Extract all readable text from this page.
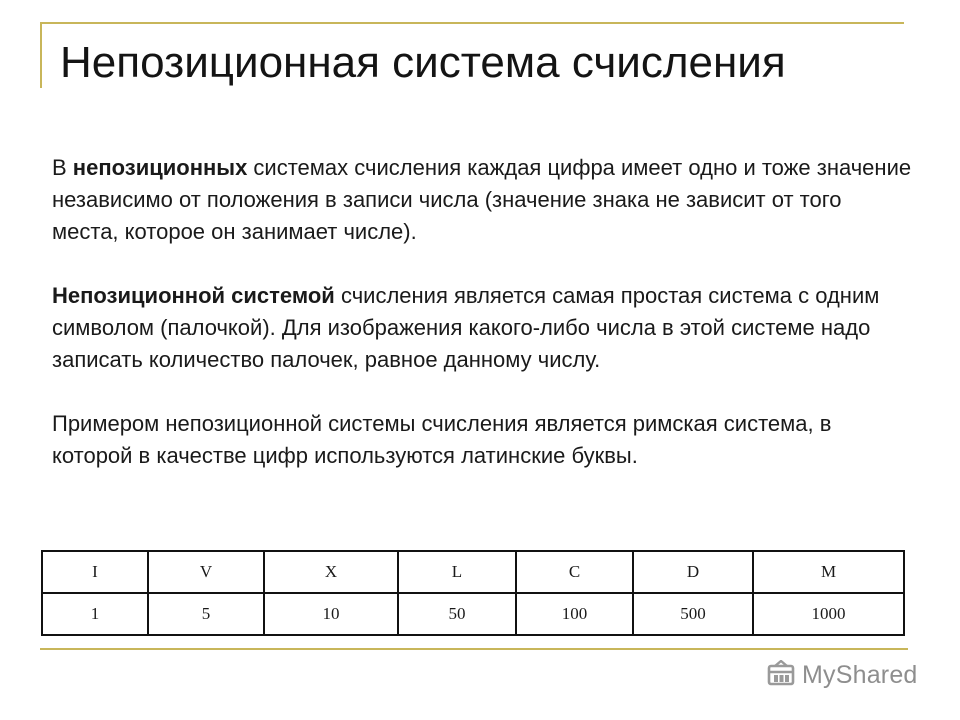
Непозиционная система счисления

В непозиционных системах счисления каждая цифра имеет одно и тоже значение независимо от положения в записи числа (значение знака не зависит от того места, которое он занимает числе).

Непозиционной системой счисления является самая простая система с одним символом (палочкой). Для изображения какого-либо числа в этой системе надо записать количество палочек, равное данному числу.

Примером непозиционной системы счисления является римская система, в которой в качестве цифр используются латинские буквы.

I	V	X	L	C	D	M
1	5	10	50	100	500	1000
MyShared
